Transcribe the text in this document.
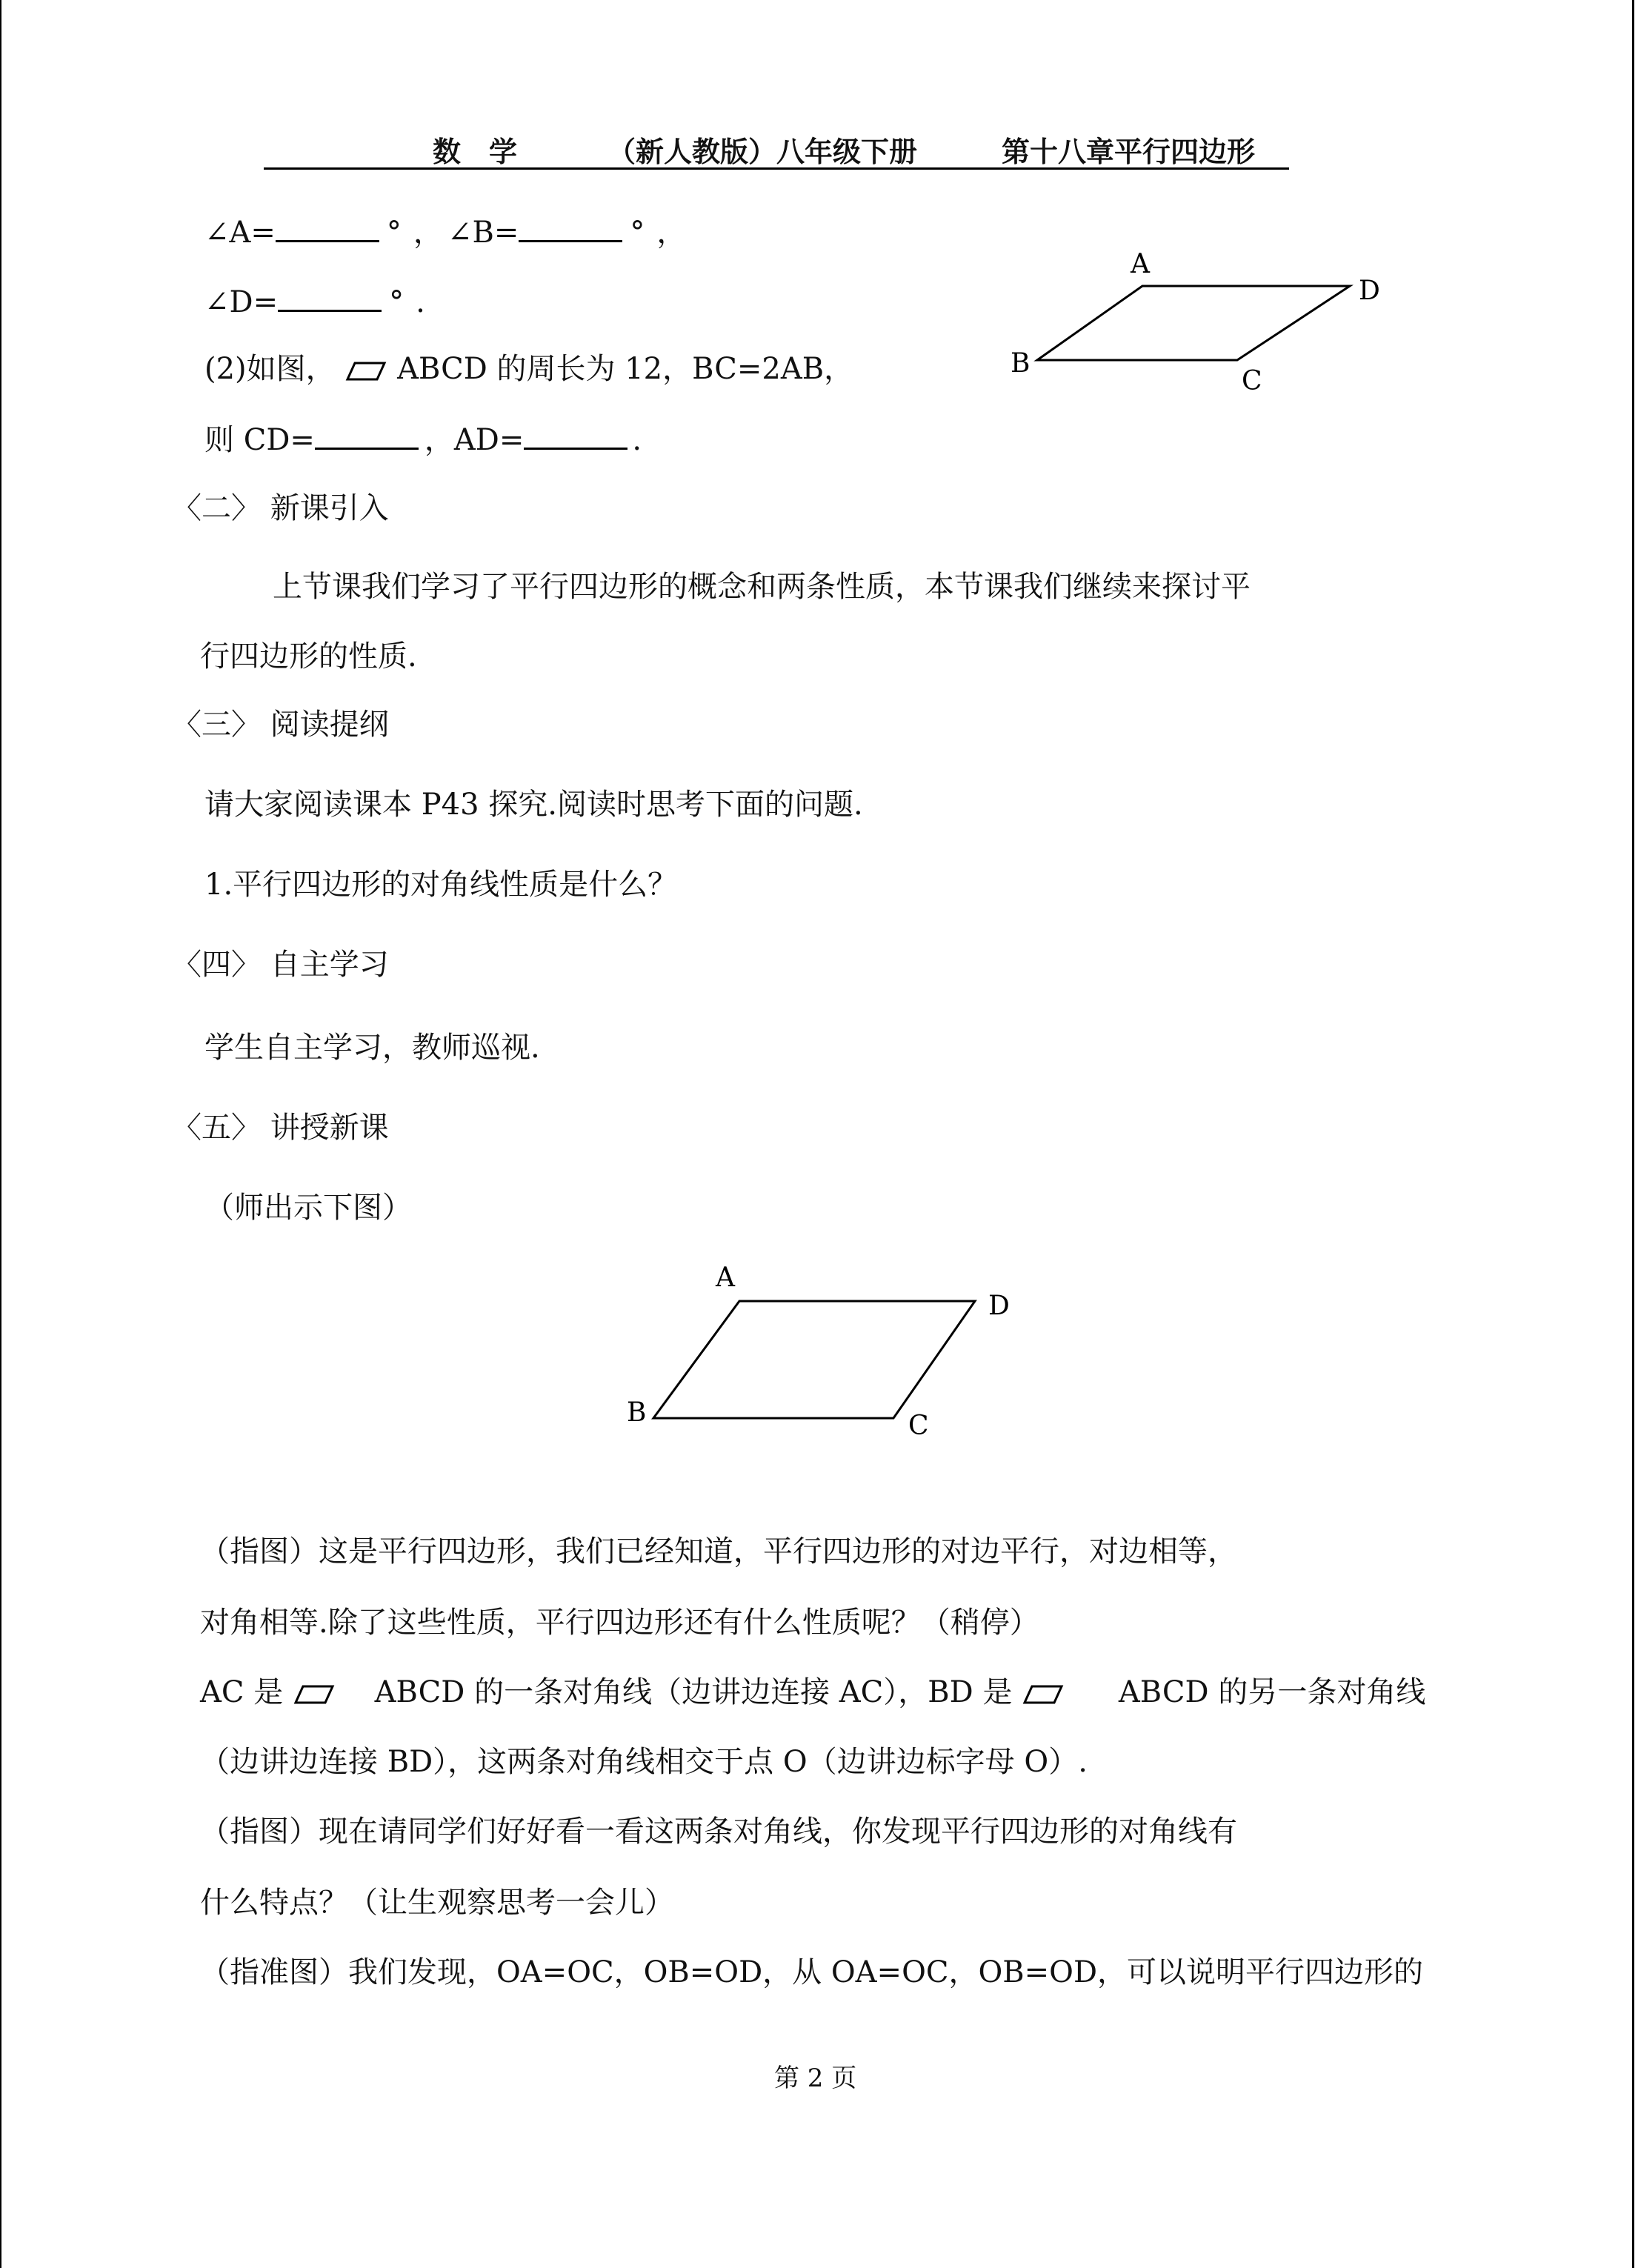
数　学	（新人教版）八年级下册	第十八章平行四边形
∠A=	° ， ∠B=	° ，
∠D=	° .
(2)如图， ABCD 的周长为 12，BC=2AB，
则 CD=	，AD=	.
A
D
B
C
〈二〉 新课引入
上节课我们学习了平行四边形的概念和两条性质，本节课我们继续来探讨平
行四边形的性质.
〈三〉 阅读提纲
请大家阅读课本 P43 探究.阅读时思考下面的问题.
1.平行四边形的对角线性质是什么？
〈四〉 自主学习
学生自主学习，教师巡视.
〈五〉 讲授新课
（师出示下图）
A
D
B	C
（指图）这是平行四边形，我们已经知道，平行四边形的对边平行，对边相等，
对角相等.除了这些性质，平行四边形还有什么性质呢？（稍停）
AC 是	ABCD 的一条对角线（边讲边连接 AC），BD 是	ABCD 的另一条对角线
（边讲边连接 BD），这两条对角线相交于点 O（边讲边标字母 O）.
（指图）现在请同学们好好看一看这两条对角线，你发现平行四边形的对角线有
什么特点？（让生观察思考一会儿）
（指准图）我们发现，OA=OC，OB=OD，从 OA=OC，OB=OD，可以说明平行四边形的
第 2 页
